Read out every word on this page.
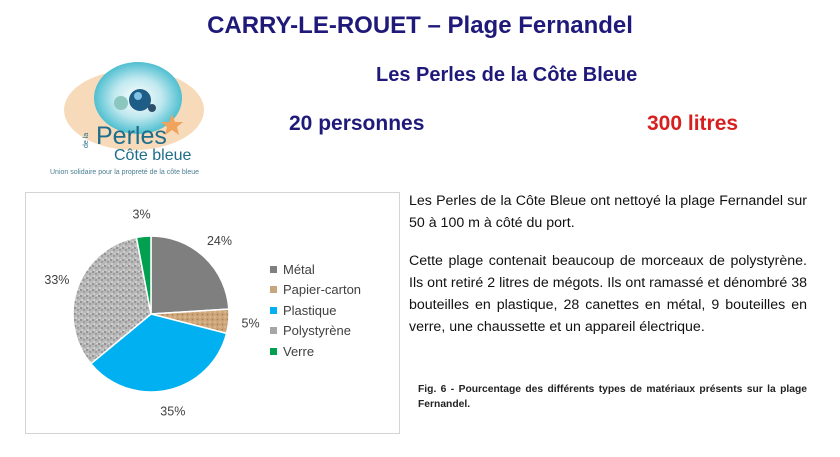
CARRY-LE-ROUET – Plage Fernandel
de la Perles
Côte bleue
Union solidaire pour la propreté de la côte bleue
Les Perles de la Côte Bleue
20 personnes	300 litres
24%
5%
35%
33%
3%
Métal
Papier-carton
Plastique
Polystyrène
Verre
Les Perles de la Côte Bleue ont nettoyé la plage Fernandel sur 50 à 100 m à côté du port.
Cette plage contenait beaucoup de morceaux de polystyrène. Ils ont retiré 2 litres de mégots. Ils ont ramassé et dénombré 38 bouteilles en plastique, 28 canettes en métal, 9 bouteilles en verre, une chaussette et un appareil électrique.
Fig. 6 - Pourcentage des différents types de matériaux présents sur la plage Fernandel.
